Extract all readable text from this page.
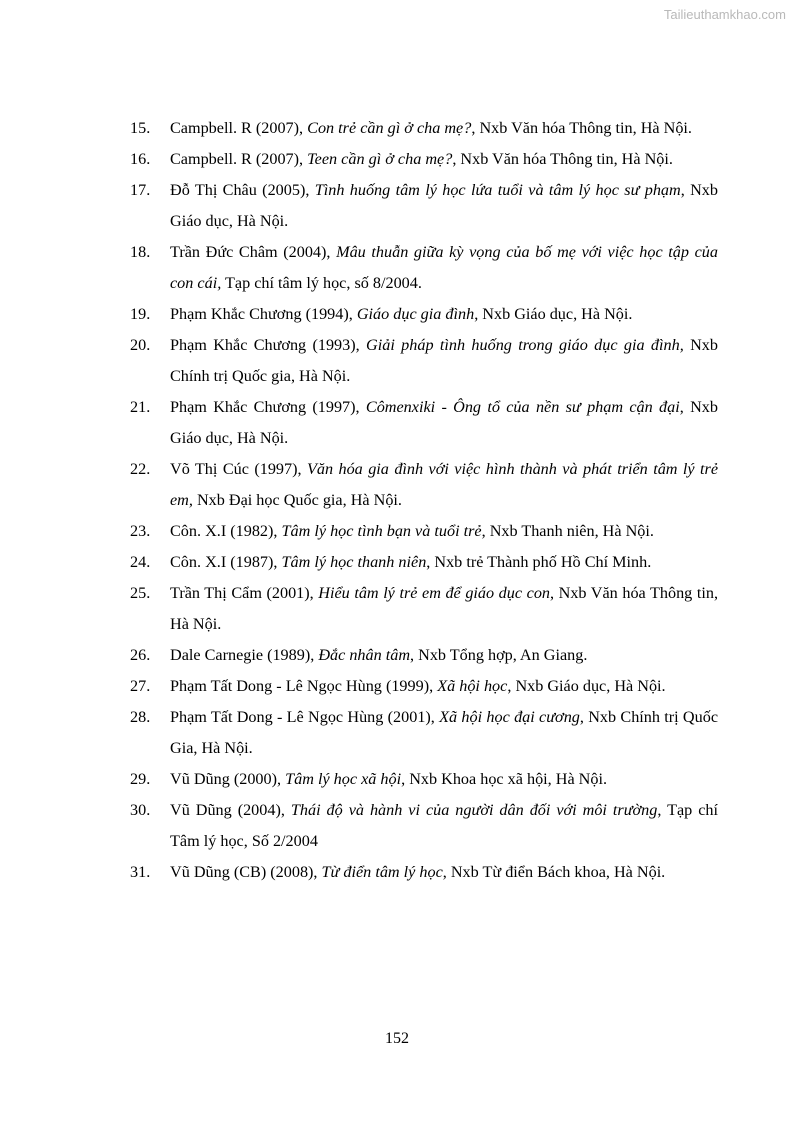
Tailieuthamkhao.com
15. Campbell. R (2007), Con trẻ cần gì ở cha mẹ?, Nxb Văn hóa Thông tin, Hà Nội.
16. Campbell. R (2007), Teen cần gì ở cha mẹ?, Nxb Văn hóa Thông tin, Hà Nội.
17. Đỗ Thị Châu (2005), Tình huống tâm lý học lứa tuổi và tâm lý học sư phạm, Nxb Giáo dục, Hà Nội.
18. Trần Đức Châm (2004), Mâu thuẫn giữa kỳ vọng của bố mẹ với việc học tập của con cái, Tạp chí tâm lý học, số 8/2004.
19. Phạm Khắc Chương (1994), Giáo dục gia đình, Nxb Giáo dục, Hà Nội.
20. Phạm Khắc Chương (1993), Giải pháp tình huống trong giáo dục gia đình, Nxb Chính trị Quốc gia, Hà Nội.
21. Phạm Khắc Chương (1997), Cômenxiki - Ông tổ của nền sư phạm cận đại, Nxb Giáo dục, Hà Nội.
22. Võ Thị Cúc (1997), Văn hóa gia đình với việc hình thành và phát triển tâm lý trẻ em, Nxb Đại học Quốc gia, Hà Nội.
23. Côn. X.I (1982), Tâm lý học tình bạn và tuổi trẻ, Nxb Thanh niên, Hà Nội.
24. Côn. X.I (1987), Tâm lý học thanh niên, Nxb trẻ Thành phố Hồ Chí Minh.
25. Trần Thị Cẩm (2001), Hiểu tâm lý trẻ em để giáo dục con, Nxb Văn hóa Thông tin, Hà Nội.
26. Dale Carnegie (1989), Đắc nhân tâm, Nxb Tổng hợp, An Giang.
27. Phạm Tất Dong - Lê Ngọc Hùng (1999), Xã hội học, Nxb Giáo dục, Hà Nội.
28. Phạm Tất Dong - Lê Ngọc Hùng (2001), Xã hội học đại cương, Nxb Chính trị Quốc Gia, Hà Nội.
29. Vũ Dũng (2000), Tâm lý học xã hội, Nxb Khoa học xã hội, Hà Nội.
30. Vũ Dũng (2004), Thái độ và hành vi của người dân đối với môi trường, Tạp chí Tâm lý học, Số 2/2004
31. Vũ Dũng (CB) (2008), Từ điển tâm lý học, Nxb Từ điển Bách khoa, Hà Nội.
152
